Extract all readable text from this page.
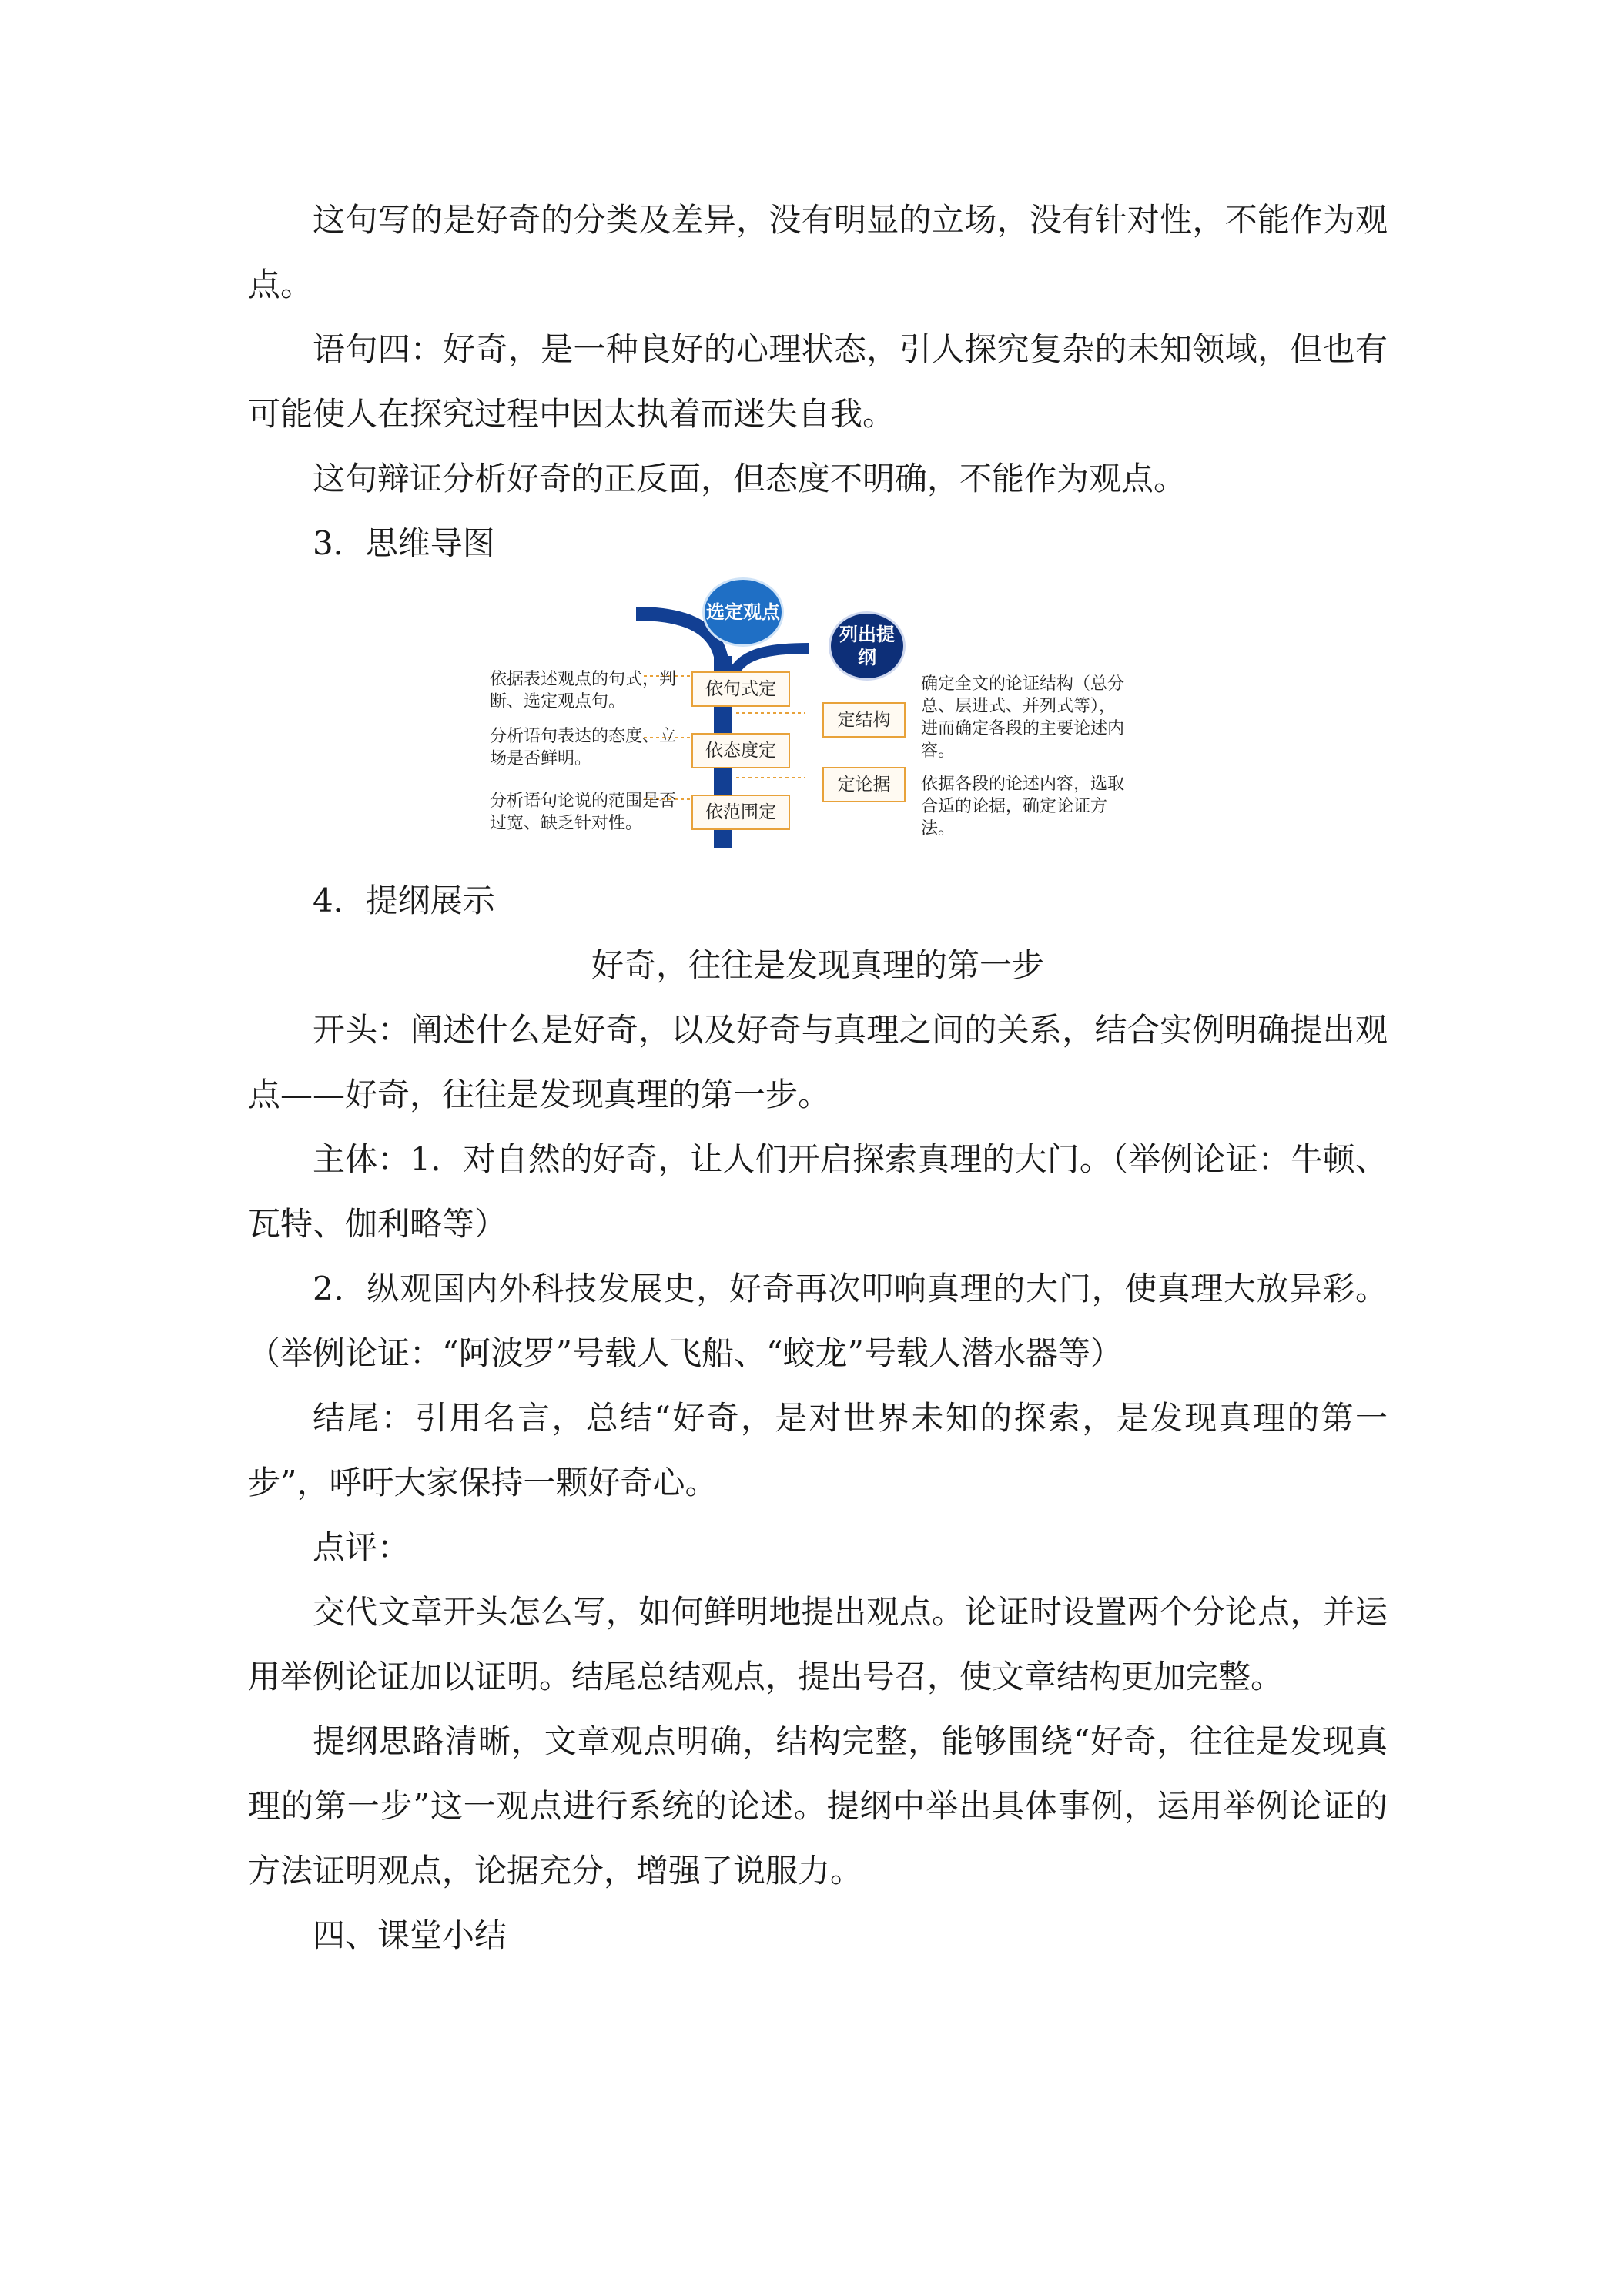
这句写的是好奇的分类及差异，没有明显的立场，没有针对性，不能作为观点。

语句四：好奇，是一种良好的心理状态，引人探究复杂的未知领域，但也有可能使人在探究过程中因太执着而迷失自我。

这句辩证分析好奇的正反面，但态度不明确，不能作为观点。

3．思维导图

选定观点
列出提纲
依据表述观点的句式，判断、选定观点句。
分析语句表达的态度、立场是否鲜明。
分析语句论说的范围是否过宽、缺乏针对性。
依句式定
依态度定
依范围定
定结构
定论据
确定全文的论证结构（总分总、层进式、并列式等），进而确定各段的主要论述内容。
依据各段的论述内容，选取合适的论据，确定论证方法。

4．提纲展示

好奇，往往是发现真理的第一步

开头：阐述什么是好奇，以及好奇与真理之间的关系，结合实例明确提出观点——好奇，往往是发现真理的第一步。

主体：1．对自然的好奇，让人们开启探索真理的大门。（举例论证：牛顿、瓦特、伽利略等）

2．纵观国内外科技发展史，好奇再次叩响真理的大门，使真理大放异彩。（举例论证：“阿波罗”号载人飞船、“蛟龙”号载人潜水器等）

结尾：引用名言，总结“好奇，是对世界未知的探索，是发现真理的第一步”，呼吁大家保持一颗好奇心。

点评：

交代文章开头怎么写，如何鲜明地提出观点。论证时设置两个分论点，并运用举例论证加以证明。结尾总结观点，提出号召，使文章结构更加完整。

提纲思路清晰，文章观点明确，结构完整，能够围绕“好奇，往往是发现真理的第一步”这一观点进行系统的论述。提纲中举出具体事例，运用举例论证的方法证明观点，论据充分，增强了说服力。

四、课堂小结
